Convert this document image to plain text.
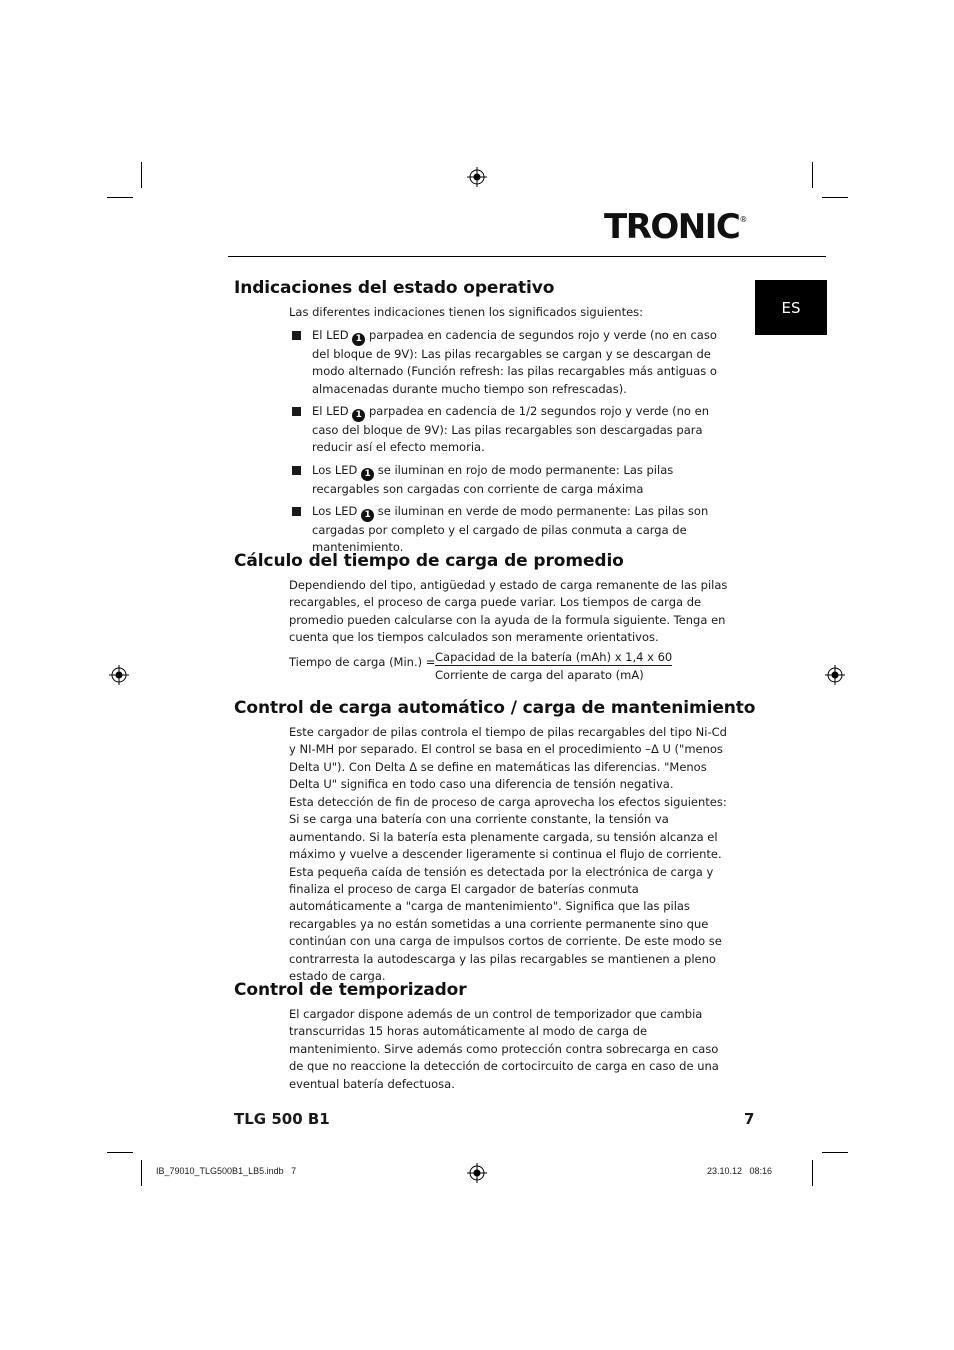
TRONIC®
ES
Indicaciones del estado operativo

Las diferentes indicaciones tienen los significados siguientes:

El LED 1 parpadea en cadencia de segundos rojo y verde (no en caso del bloque de 9V): Las pilas recargables se cargan y se descargan de modo alternado (Función refresh: las pilas recargables más antiguas o almacenadas durante mucho tiempo son refrescadas).
El LED 1 parpadea en cadencia de 1/2 segundos rojo y verde (no en caso del bloque de 9V): Las pilas recargables son descargadas para reducir así el efecto memoria.
Los LED 1 se iluminan en rojo de modo permanente: Las pilas recargables son cargadas con corriente de carga máxima
Los LED 1 se iluminan en verde de modo permanente: Las pilas son cargadas por completo y el cargado de pilas conmuta a carga de mantenimiento.
Cálculo del tiempo de carga de promedio

Dependiendo del tipo, antigüedad y estado de carga remanente de las pilas recargables, el proceso de carga puede variar. Los tiempos de carga de promedio pueden calcularse con la ayuda de la formula siguiente. Tenga en cuenta que los tiempos calculados son meramente orientativos.

Tiempo de carga (Min.) = Capacidad de la batería (mAh) x 1,4 x 60
Corriente de carga del aparato (mA)
Control de carga automático / carga de mantenimiento

Este cargador de pilas controla el tiempo de pilas recargables del tipo Ni-Cd y NI-MH por separado. El control se basa en el procedimiento –Δ U ("menos Delta U"). Con Delta Δ se define en matemáticas las diferencias. "Menos Delta U" significa en todo caso una diferencia de tensión negativa.

Esta detección de fin de proceso de carga aprovecha los efectos siguientes: Si se carga una batería con una corriente constante, la tensión va aumentando. Si la batería esta plenamente cargada, su tensión alcanza el máximo y vuelve a descender ligeramente si continua el flujo de corriente. Esta pequeña caída de tensión es detectada por la electrónica de carga y finaliza el proceso de carga El cargador de baterías conmuta automáticamente a "carga de mantenimiento". Significa que las pilas recargables ya no están sometidas a una corriente permanente sino que continúan con una carga de impulsos cortos de corriente. De este modo se contrarresta la autodescarga y las pilas recargables se mantienen a pleno estado de carga.

Control de temporizador

El cargador dispone además de un control de temporizador que cambia transcurridas 15 horas automáticamente al modo de carga de mantenimiento. Sirve además como protección contra sobrecarga en caso de que no reaccione la detección de cortocircuito de carga en caso de una eventual batería defectuosa.

TLG 500 B1	7
IB_79010_TLG500B1_LB5.indb   7	23.10.12   08:16
